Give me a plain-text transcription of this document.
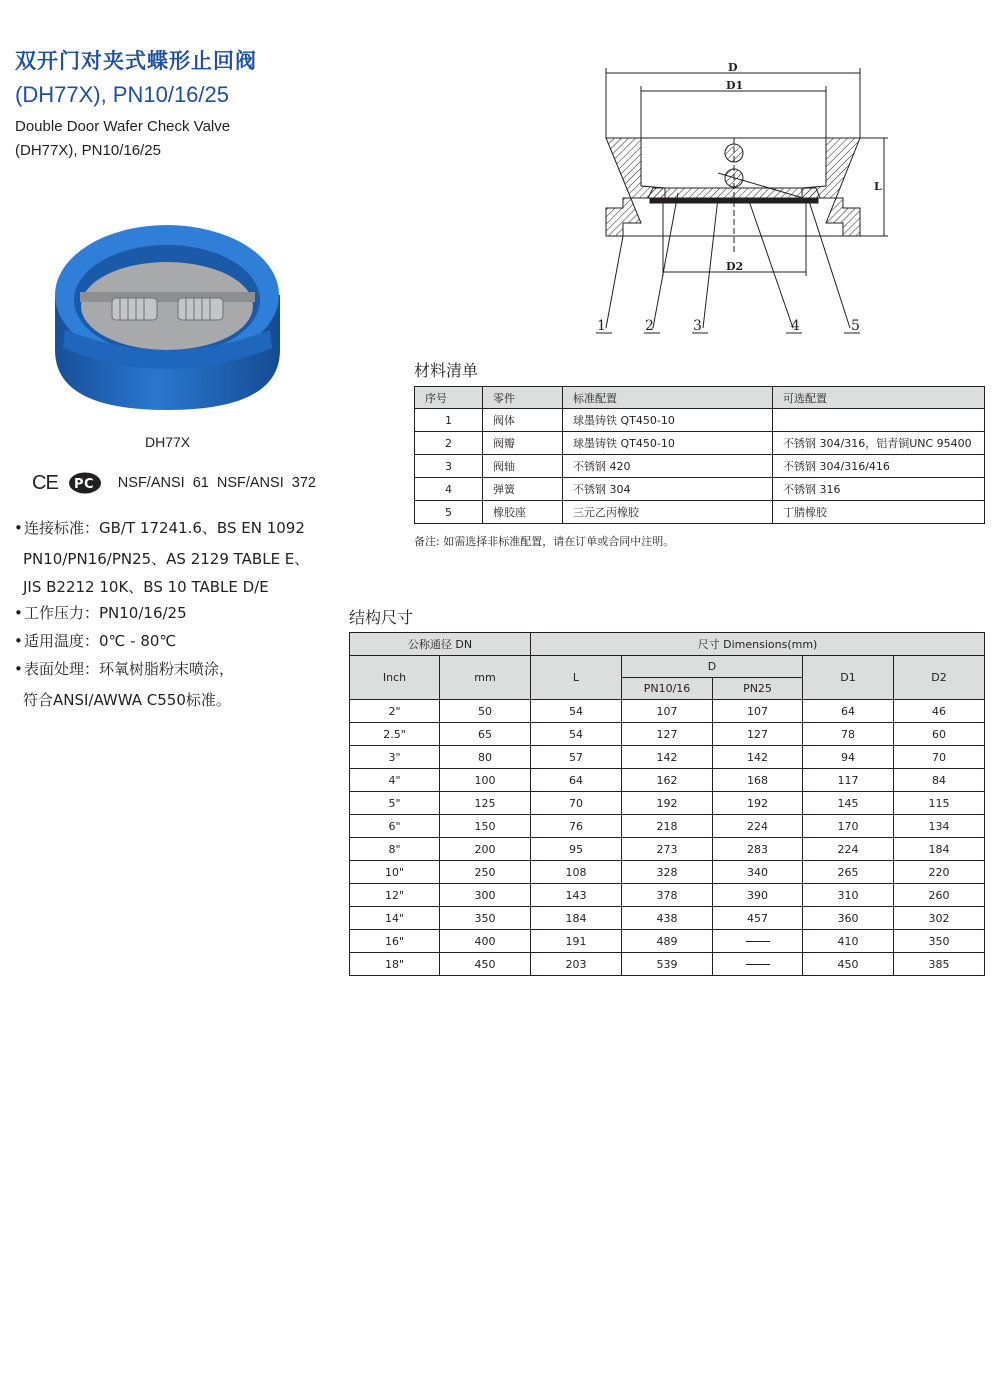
双开门对夹式蝶形止回阀
(DH77X), PN10/16/25
Double Door Wafer Check Valve
(DH77X), PN10/16/25
DH77X
CE P C NSF/ANSI 61 NSF/ANSI 372
•连接标准：GB/T 17241.6、BS EN 1092
PN10/PN16/PN25、AS 2129 TABLE E、
JIS B2212 10K、BS 10 TABLE D/E
•工作压力：PN10/16/25
•适用温度：0℃ - 80℃
•表面处理：环氧树脂粉末喷涂，
符合ANSI/AWWA C550标准。
D
D1
D2
L
1	2	3	4	5
材料清单
序号	零件	标准配置	可选配置
1	阀体	球墨铸铁 QT450-10	
2	阀瓣	球墨铸铁 QT450-10	不锈钢 304/316，铝青铜UNC 95400
3	阀轴	不锈钢 420	不锈钢 304/316/416
4	弹簧	不锈钢 304	不锈钢 316
5	橡胶座	三元乙丙橡胶	丁腈橡胶
备注: 如需选择非标准配置，请在订单或合同中注明。
结构尺寸
公称通径 DN		尺寸 Dimensions(mm)				
Inch	mm	L	D		D1	D2
			PN10/16	PN25		
2"	50	54	107	107	64	46
2.5"	65	54	127	127	78	60
3"	80	57	142	142	94	70
4"	100	64	162	168	117	84
5"	125	70	192	192	145	115
6"	150	76	218	224	170	134
8"	200	95	273	283	224	184
10"	250	108	328	340	265	220
12"	300	143	378	390	310	260
14"	350	184	438	457	360	302
16"	400	191	489		410	350
18"	450	203	539		450	385
